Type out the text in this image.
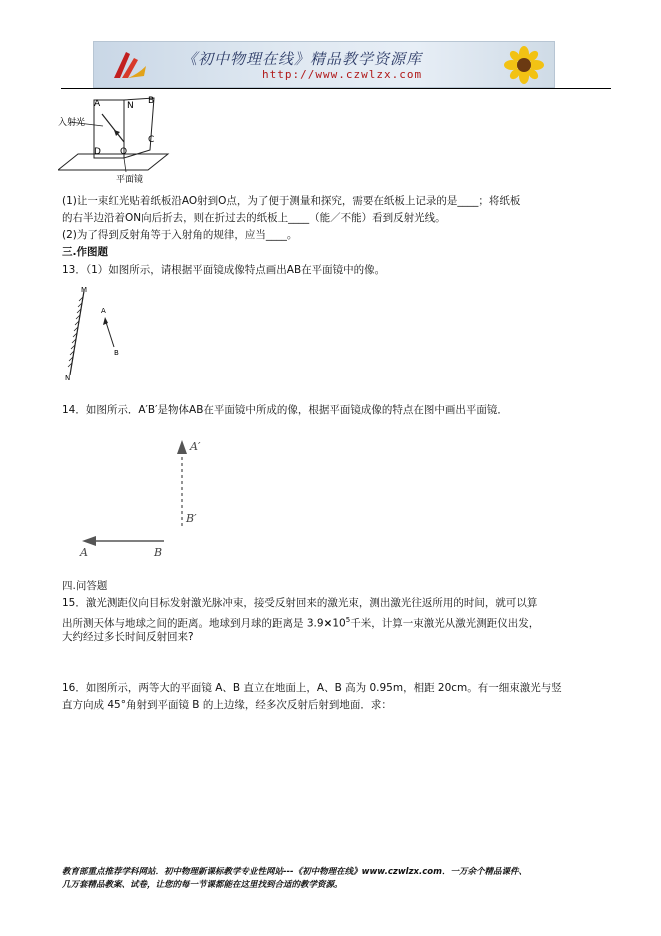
《初中物理在线》精品教学资源库
http://www.czwlzx.com
A	N B
入射光
C
D O
平面镜
(1)让一束红光贴着纸板沿AO射到O点，为了便于测量和探究，需要在纸板上记录的是____；将纸板
的右半边沿着ON向后折去，则在折过去的纸板上____（能／不能）看到反射光线。
(2)为了得到反射角等于入射角的规律，应当____。
三.作图题
13．（1）如图所示，请根据平面镜成像特点画出AB在平面镜中的像。
M
N
A
B
14．如图所示．A′B′是物体AB在平面镜中所成的像，根据平面镜成像的特点在图中画出平面镜．
A′
B′
A	B
四.问答题
15．激光测距仪向目标发射激光脉冲束，接受反射回来的激光束，测出激光往返所用的时间，就可以算
出所测天体与地球之间的距离。地球到月球的距离是 $3.9\times 10^5$千米，计算一束激光从激光测距仪出发，
大约经过多长时间反射回来?
16．如图所示，两等大的平面镜 A、B 直立在地面上，A、B 高为 0.95m，相距 20cm。有一细束激光与竖
直方向成 45°角射到平面镜 B 的上边缘，经多次反射后射到地面．求：
教育部重点推荐学科网站．初中物理新课标教学专业性网站---《初中物理在线》www.czwlzx.com．一万余个精品课件、
几万套精品教案、试卷，让您的每一节课都能在这里找到合适的教学资源。
